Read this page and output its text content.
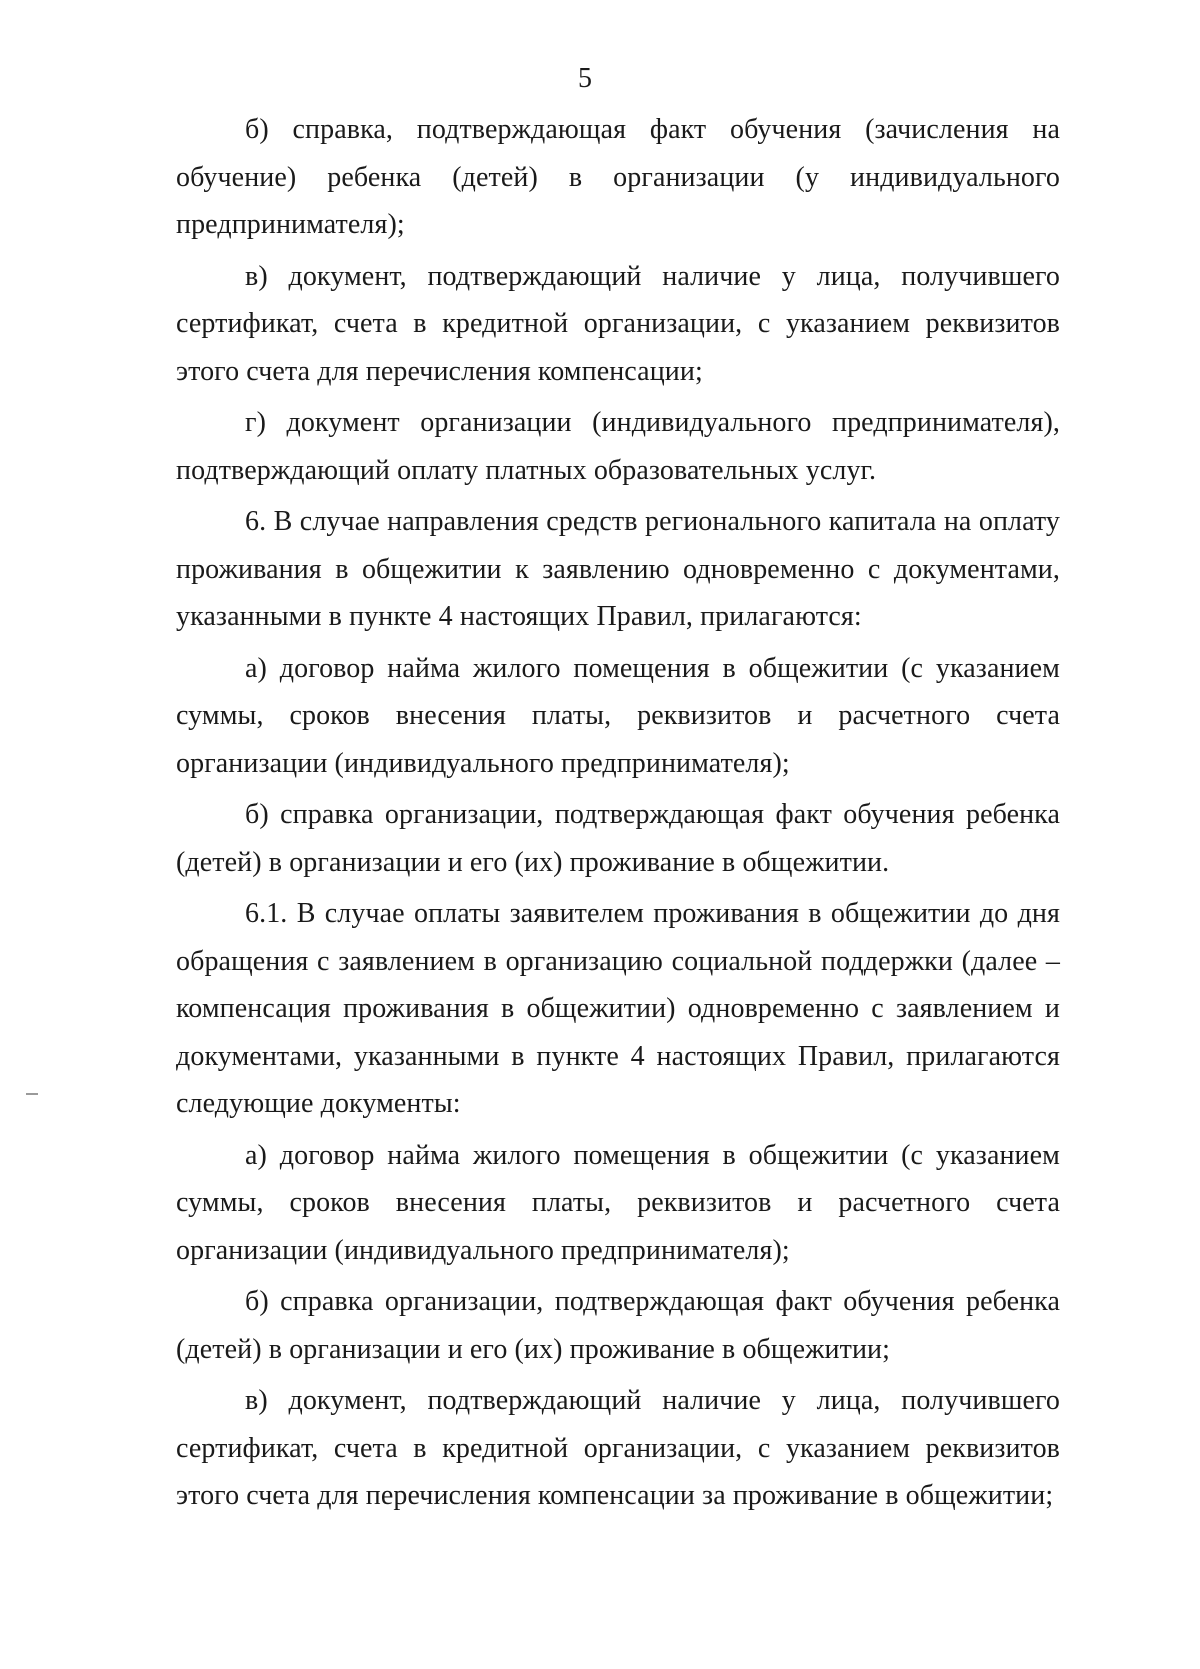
5

б) справка, подтверждающая факт обучения (зачисления на обучение) ребенка (детей) в организации (у индивидуального предпринимателя);

в) документ, подтверждающий наличие у лица, получившего сертификат, счета в кредитной организации, с указанием реквизитов этого счета для перечисления компенсации;

г) документ организации (индивидуального предпринимателя), подтверждающий оплату платных образовательных услуг.

6. В случае направления средств регионального капитала на оплату проживания в общежитии к заявлению одновременно с документами, указанными в пункте 4 настоящих Правил, прилагаются:

а) договор найма жилого помещения в общежитии (с указанием суммы, сроков внесения платы, реквизитов и расчетного счета организации (индивидуального предпринимателя);

б) справка организации, подтверждающая факт обучения ребенка (детей) в организации и его (их) проживание в общежитии.

6.1. В случае оплаты заявителем проживания в общежитии до дня обращения с заявлением в организацию социальной поддержки (далее – компенсация проживания в общежитии) одновременно с заявлением и документами, указанными в пункте 4 настоящих Правил, прилагаются следующие документы:

а) договор найма жилого помещения в общежитии (с указанием суммы, сроков внесения платы, реквизитов и расчетного счета организации (индивидуального предпринимателя);

б) справка организации, подтверждающая факт обучения ребенка (детей) в организации и его (их) проживание в общежитии;

в) документ, подтверждающий наличие у лица, получившего сертификат, счета в кредитной организации, с указанием реквизитов этого счета для перечисления компенсации за проживание в общежитии;
